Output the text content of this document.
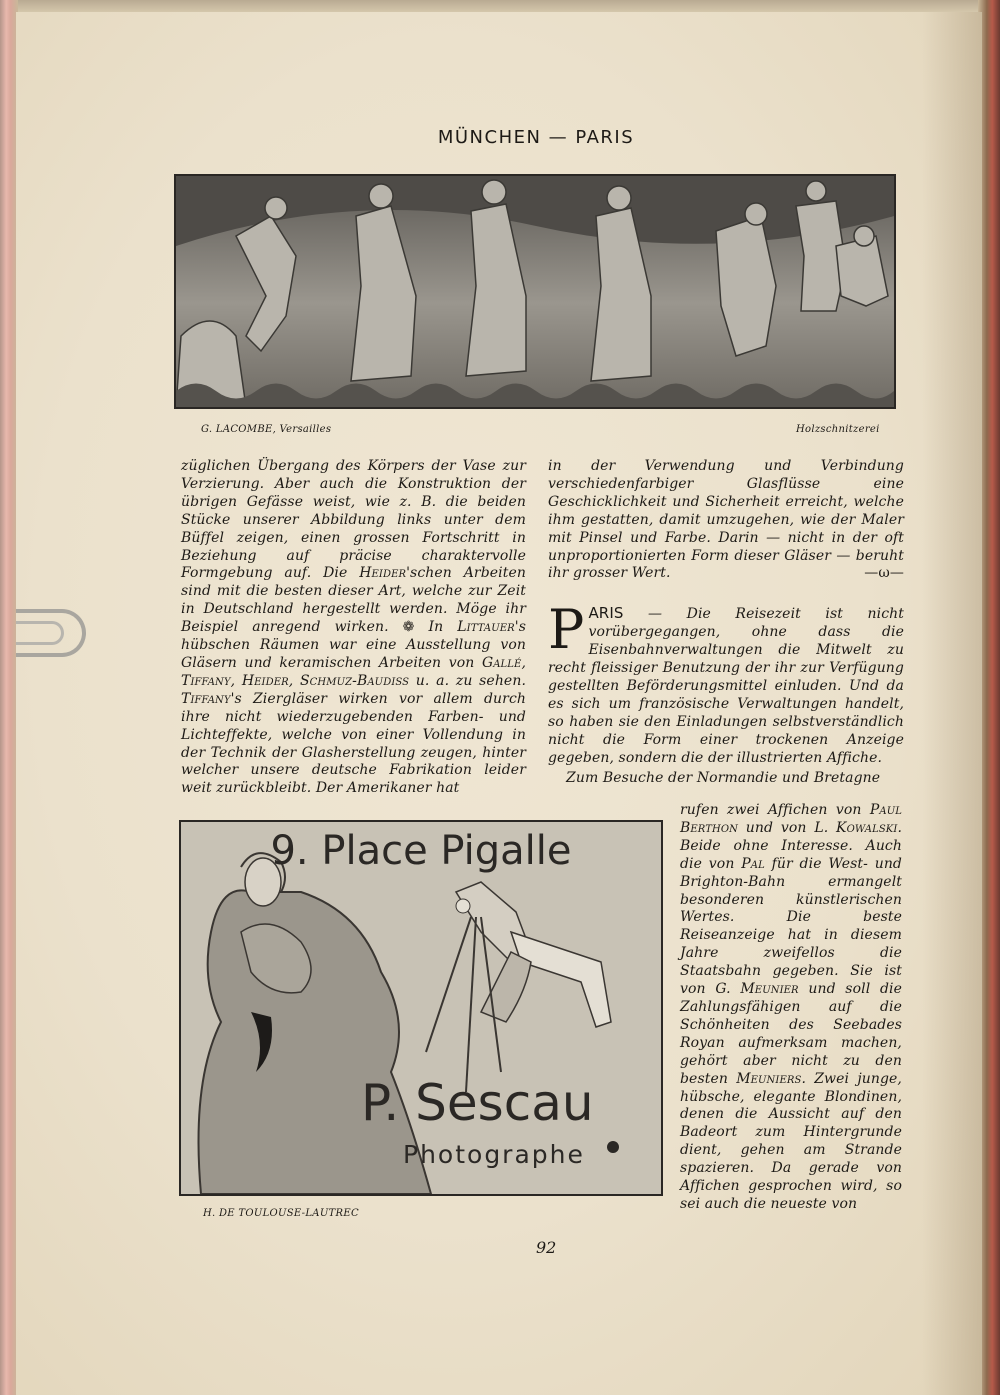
MÜNCHEN — PARIS
G. LACOMBE, Versailles	Holzschnitzerei

züglichen Übergang des Körpers der Vase zur Verzierung. Aber auch die Konstruktion der übrigen Gefässe weist, wie z. B. die beiden Stücke unserer Abbildung links unter dem Büffel zeigen, einen grossen Fortschritt in Beziehung auf präcise charaktervolle Formgebung auf. Die Heider'schen Arbeiten sind mit die besten dieser Art, welche zur Zeit in Deutschland hergestellt werden. Möge ihr Beispiel anregend wirken. ❁ In Littauer's hübschen Räumen war eine Ausstellung von Gläsern und keramischen Arbeiten von Gallé, Tiffany, Heider, Schmuz-Baudiss u. a. zu sehen. Tiffany's Ziergläser wirken vor allem durch ihre nicht wiederzugebenden Farben- und Lichteffekte, welche von einer Vollendung in der Technik der Glasherstellung zeugen, hinter welcher unsere deutsche Fabrikation leider weit zurückbleibt. Der Amerikaner hat

in der Verwendung und Verbindung verschiedenfarbiger Glasflüsse eine Geschicklichkeit und Sicherheit erreicht, welche ihm gestatten, damit umzugehen, wie der Maler mit Pinsel und Farbe. Darin — nicht in der oft unproportionierten Form dieser Gläser — beruht ihr grosser Wert.	—ω—

PARIS — Die Reisezeit ist nicht vorübergegangen, ohne dass die Eisenbahnverwaltungen die Mitwelt zu recht fleissiger Benutzung der ihr zur Verfügung gestellten Beförderungsmittel einluden. Und da es sich um französische Verwaltungen handelt, so haben sie den Einladungen selbstverständlich nicht die Form einer trockenen Anzeige gegeben, sondern die der illustrierten Affiche.

Zum Besuche der Normandie und Bretagne

rufen zwei Affichen von Paul Berthon und von L. Kowalski. Beide ohne Interesse. Auch die von Pal für die West- und Brighton-Bahn ermangelt besonderen künstlerischen Wertes. Die beste Reiseanzeige hat in diesem Jahre zweifellos die Staatsbahn gegeben. Sie ist von G. Meunier und soll die Zahlungsfähigen auf die Schönheiten des Seebades Royan aufmerksam machen, gehört aber nicht zu den besten Meuniers. Zwei junge, hübsche, elegante Blondinen, denen die Aussicht auf den Badeort zum Hintergrunde dient, gehen am Strande spazieren. Da gerade von Affichen gesprochen wird, so sei auch die neueste von

9. Place Pigalle
P. Sescau
Photographe
H. DE TOULOUSE-LAUTREC
92
